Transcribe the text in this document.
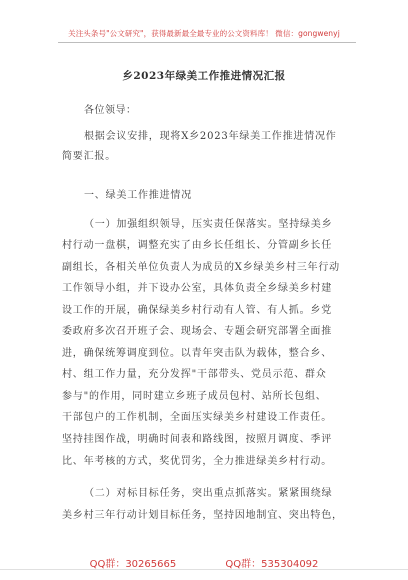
关注头条号"公文研究"，获得最新最全最专业的公文资料库！ 微信：gongwenyj
乡2023年绿美工作推进情况汇报
各位领导：
根据会议安排，现将X乡2023年绿美工作推进情况作
简要汇报。
一、绿美工作推进情况
（一）加强组织领导，压实责任保落实。坚持绿美乡
村行动一盘棋，调整充实了由乡长任组长、分管副乡长任
副组长，各相关单位负责人为成员的X乡绿美乡村三年行动
工作领导小组，并下设办公室，具体负责全乡绿美乡村建
设工作的开展，确保绿美乡村行动有人管、有人抓。乡党
委政府多次召开班子会、现场会、专题会研究部署全面推
进，确保统筹调度到位。以青年突击队为载体，整合乡、
村、组工作力量，充分发挥"干部带头、党员示范、群众
参与"的作用，同时建立乡班子成员包村、站所长包组、
干部包户的工作机制，全面压实绿美乡村建设工作责任。
坚持挂图作战，明确时间表和路线图，按照月调度、季评
比、年考核的方式，奖优罚劣，全力推进绿美乡村行动。
（二）对标目标任务，突出重点抓落实。紧紧围绕绿
美乡村三年行动计划目标任务，坚持因地制宜、突出特色，
QQ群：30265665	QQ群：535304092
